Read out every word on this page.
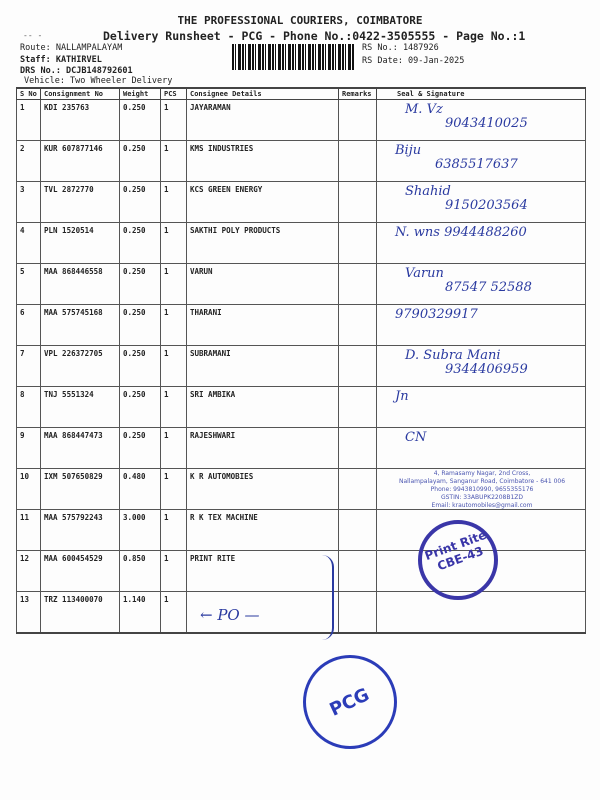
-- -
THE PROFESSIONAL COURIERS, COIMBATORE
Delivery Runsheet - PCG - Phone No.:0422-3505555 - Page No.:1
Route: NALLAMPALAYAM
Staff: KATHIRVEL
DRS No.: DCJB148792601
Vehicle: Two Wheeler Delivery
RS No.: 1487926
RS Date: 09-Jan-2025
S No	Consignment No	Weight	PCS	Consignee Details	Remarks	Seal & Signature
1	KDI 235763	0.250	1	JAYARAMAN		M. Vz
9043410025

2	KUR 607877146	0.250	1	KMS INDUSTRIES		Biju
6385517637

3	TVL 2872770	0.250	1	KCS GREEN ENERGY		Shahid
9150203564

4	PLN 1520514	0.250	1	SAKTHI POLY PRODUCTS		N. wns 9944488260

5	MAA 868446558	0.250	1	VARUN		Varun
87547 52588

6	MAA 575745168	0.250	1	THARANI		9790329917

7	VPL 226372705	0.250	1	SUBRAMANI		D. Subra Mani
9344406959

8	TNJ 5551324	0.250	1	SRI AMBIKA		Jn

9	MAA 868447473	0.250	1	RAJESHWARI		CN

10	IXM 507650829	0.480	1	K R AUTOMOBIES		

11	MAA 575792243	3.000	1	R K TEX MACHINE		

12	MAA 600454529	0.850	1	PRINT RITE		

13	TRZ 113400070	1.140	1			
4, Ramasamy Nagar, 2nd Cross,
Nallampalayam, Sanganur Road, Coimbatore - 641 006
Phone: 9943810990, 9655355176
GSTIN: 33ABUPK2208B1ZD
Email: krautomobiles@gmail.com
Print Rite CBE-43
← PO —
PCG
